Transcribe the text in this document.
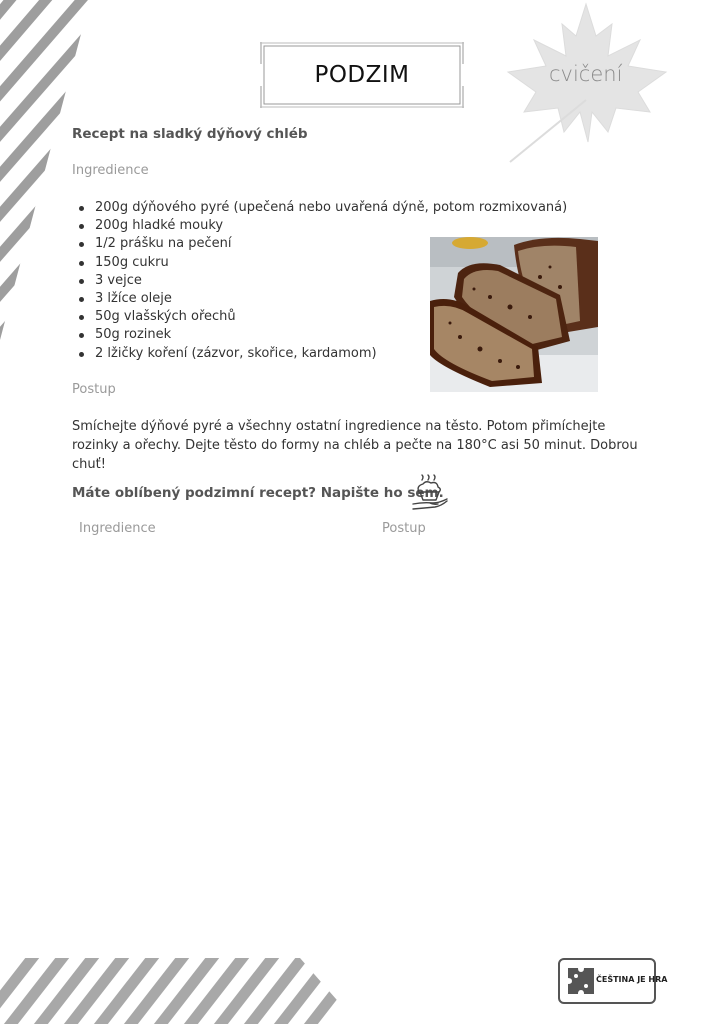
PODZIM	cvičení
Recept na sladký dýňový chléb
Ingredience
200g dýňového pyré (upečená nebo uvařená dýně, potom rozmixovaná)
200g hladké mouky
1/2 prášku na pečení
150g cukru
3 vejce
3 lžíce oleje
50g vlašských ořechů
50g rozinek
2 lžičky koření (zázvor, skořice, kardamom)
Postup
Smíchejte dýňové pyré a všechny ostatní ingredience na těsto. Potom přimíchejte rozinky a ořechy. Dejte těsto do formy na chléb a pečte na 180°C asi 50 minut. Dobrou chuť!
Máte oblíbený podzimní recept? Napište ho sem.
Ingredience	Postup
ČEŠTINA JE HRA
